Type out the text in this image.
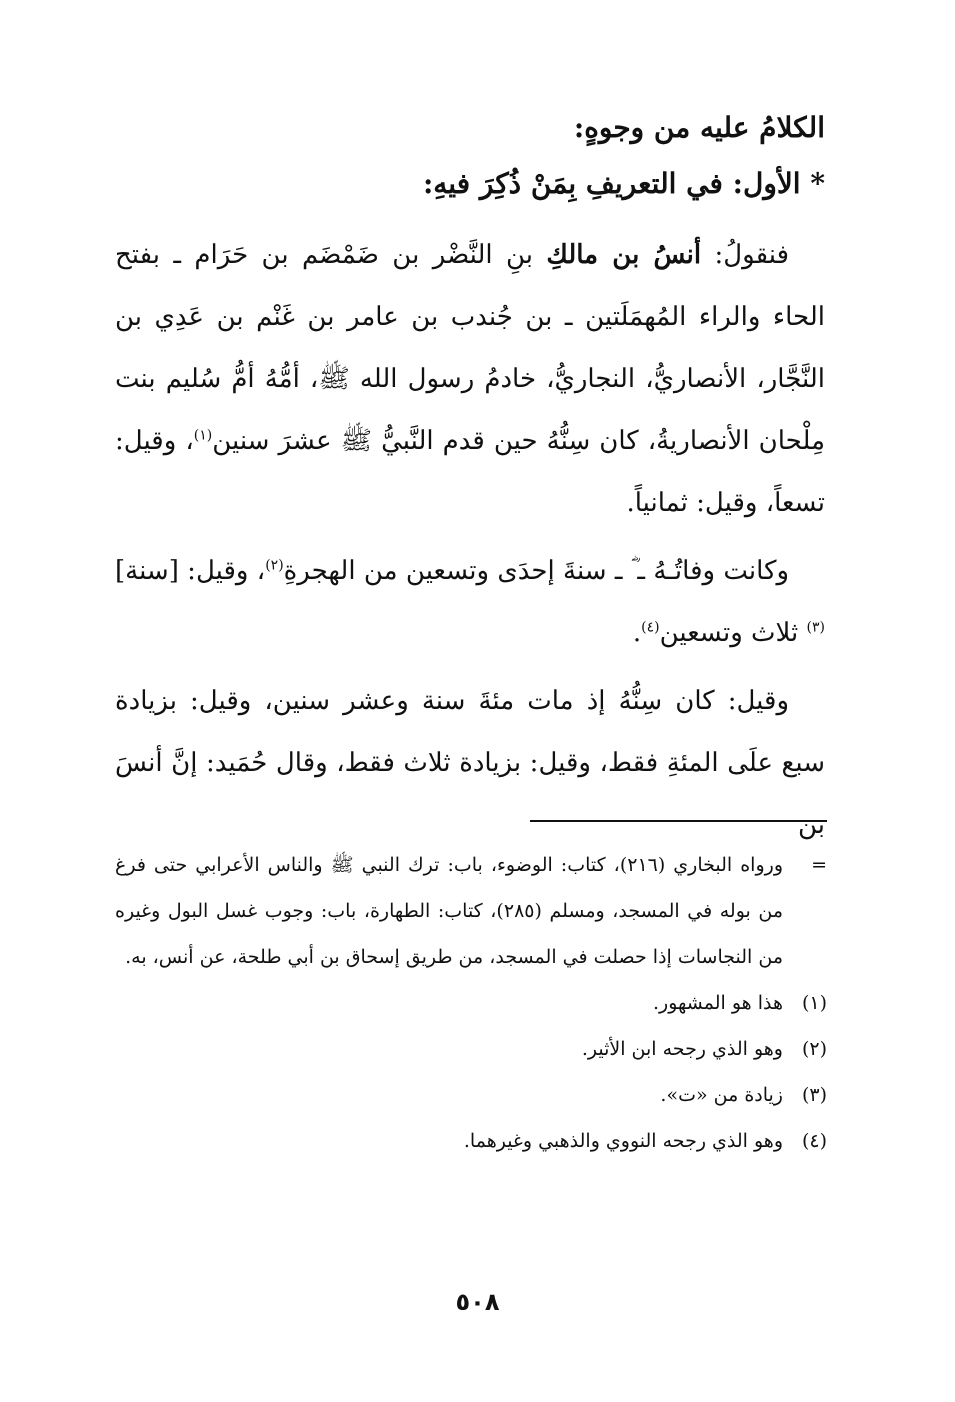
الكلامُ عليه من وجوهٍ:

* الأول: في التعريفِ بِمَنْ ذُكِرَ فيهِ:

فنقولُ: أنسُ بن مالكِ بنِ النَّضْر بن ضَمْضَم بن حَرَام ـ بفتح الحاء والراء المُهمَلَتين ـ بن جُندب بن عامر بن غَنْم بن عَدِي بن النَّجَّار، الأنصاريُّ، النجاريُّ، خادمُ رسول الله ﷺ، أمُّهُ أمُّ سُليم بنت مِلْحان الأنصاريةُ، كان سِنُّهُ حين قدم النَّبيُّ ﷺ عشرَ سنين$^{(١)}$، وقيل: تسعاً، وقيل: ثمانياً.

وكانت وفاتُـهُ ـ ؓ ـ سنةَ إحدَى وتسعين من الهجرةِ$^{(٢)}$، وقيل: [سنة]$^{(٣)}$ ثلاث وتسعين$^{(٤)}$.

وقيل: كان سِنُّهُ إذ مات مئةَ سنة وعشر سنين، وقيل: بزيادة سبع علَى المئةِ فقط، وقيل: بزيادة ثلاث فقط، وقال حُمَيد: إنَّ أنسَ بن

=
ورواه البخاري (٢١٦)، كتاب: الوضوء، باب: ترك النبي ﷺ والناس الأعرابي حتى فرغ من بوله في المسجد، ومسلم (٢٨٥)، كتاب: الطهارة، باب: وجوب غسل البول وغيره من النجاسات إذا حصلت في المسجد، من طريق إسحاق بن أبي طلحة، عن أنس، به.
(١)
هذا هو المشهور.
(٢)
وهو الذي رجحه ابن الأثير.
(٣)
زيادة من «ت».
(٤)
وهو الذي رجحه النووي والذهبي وغيرهما.
٥٠٨
